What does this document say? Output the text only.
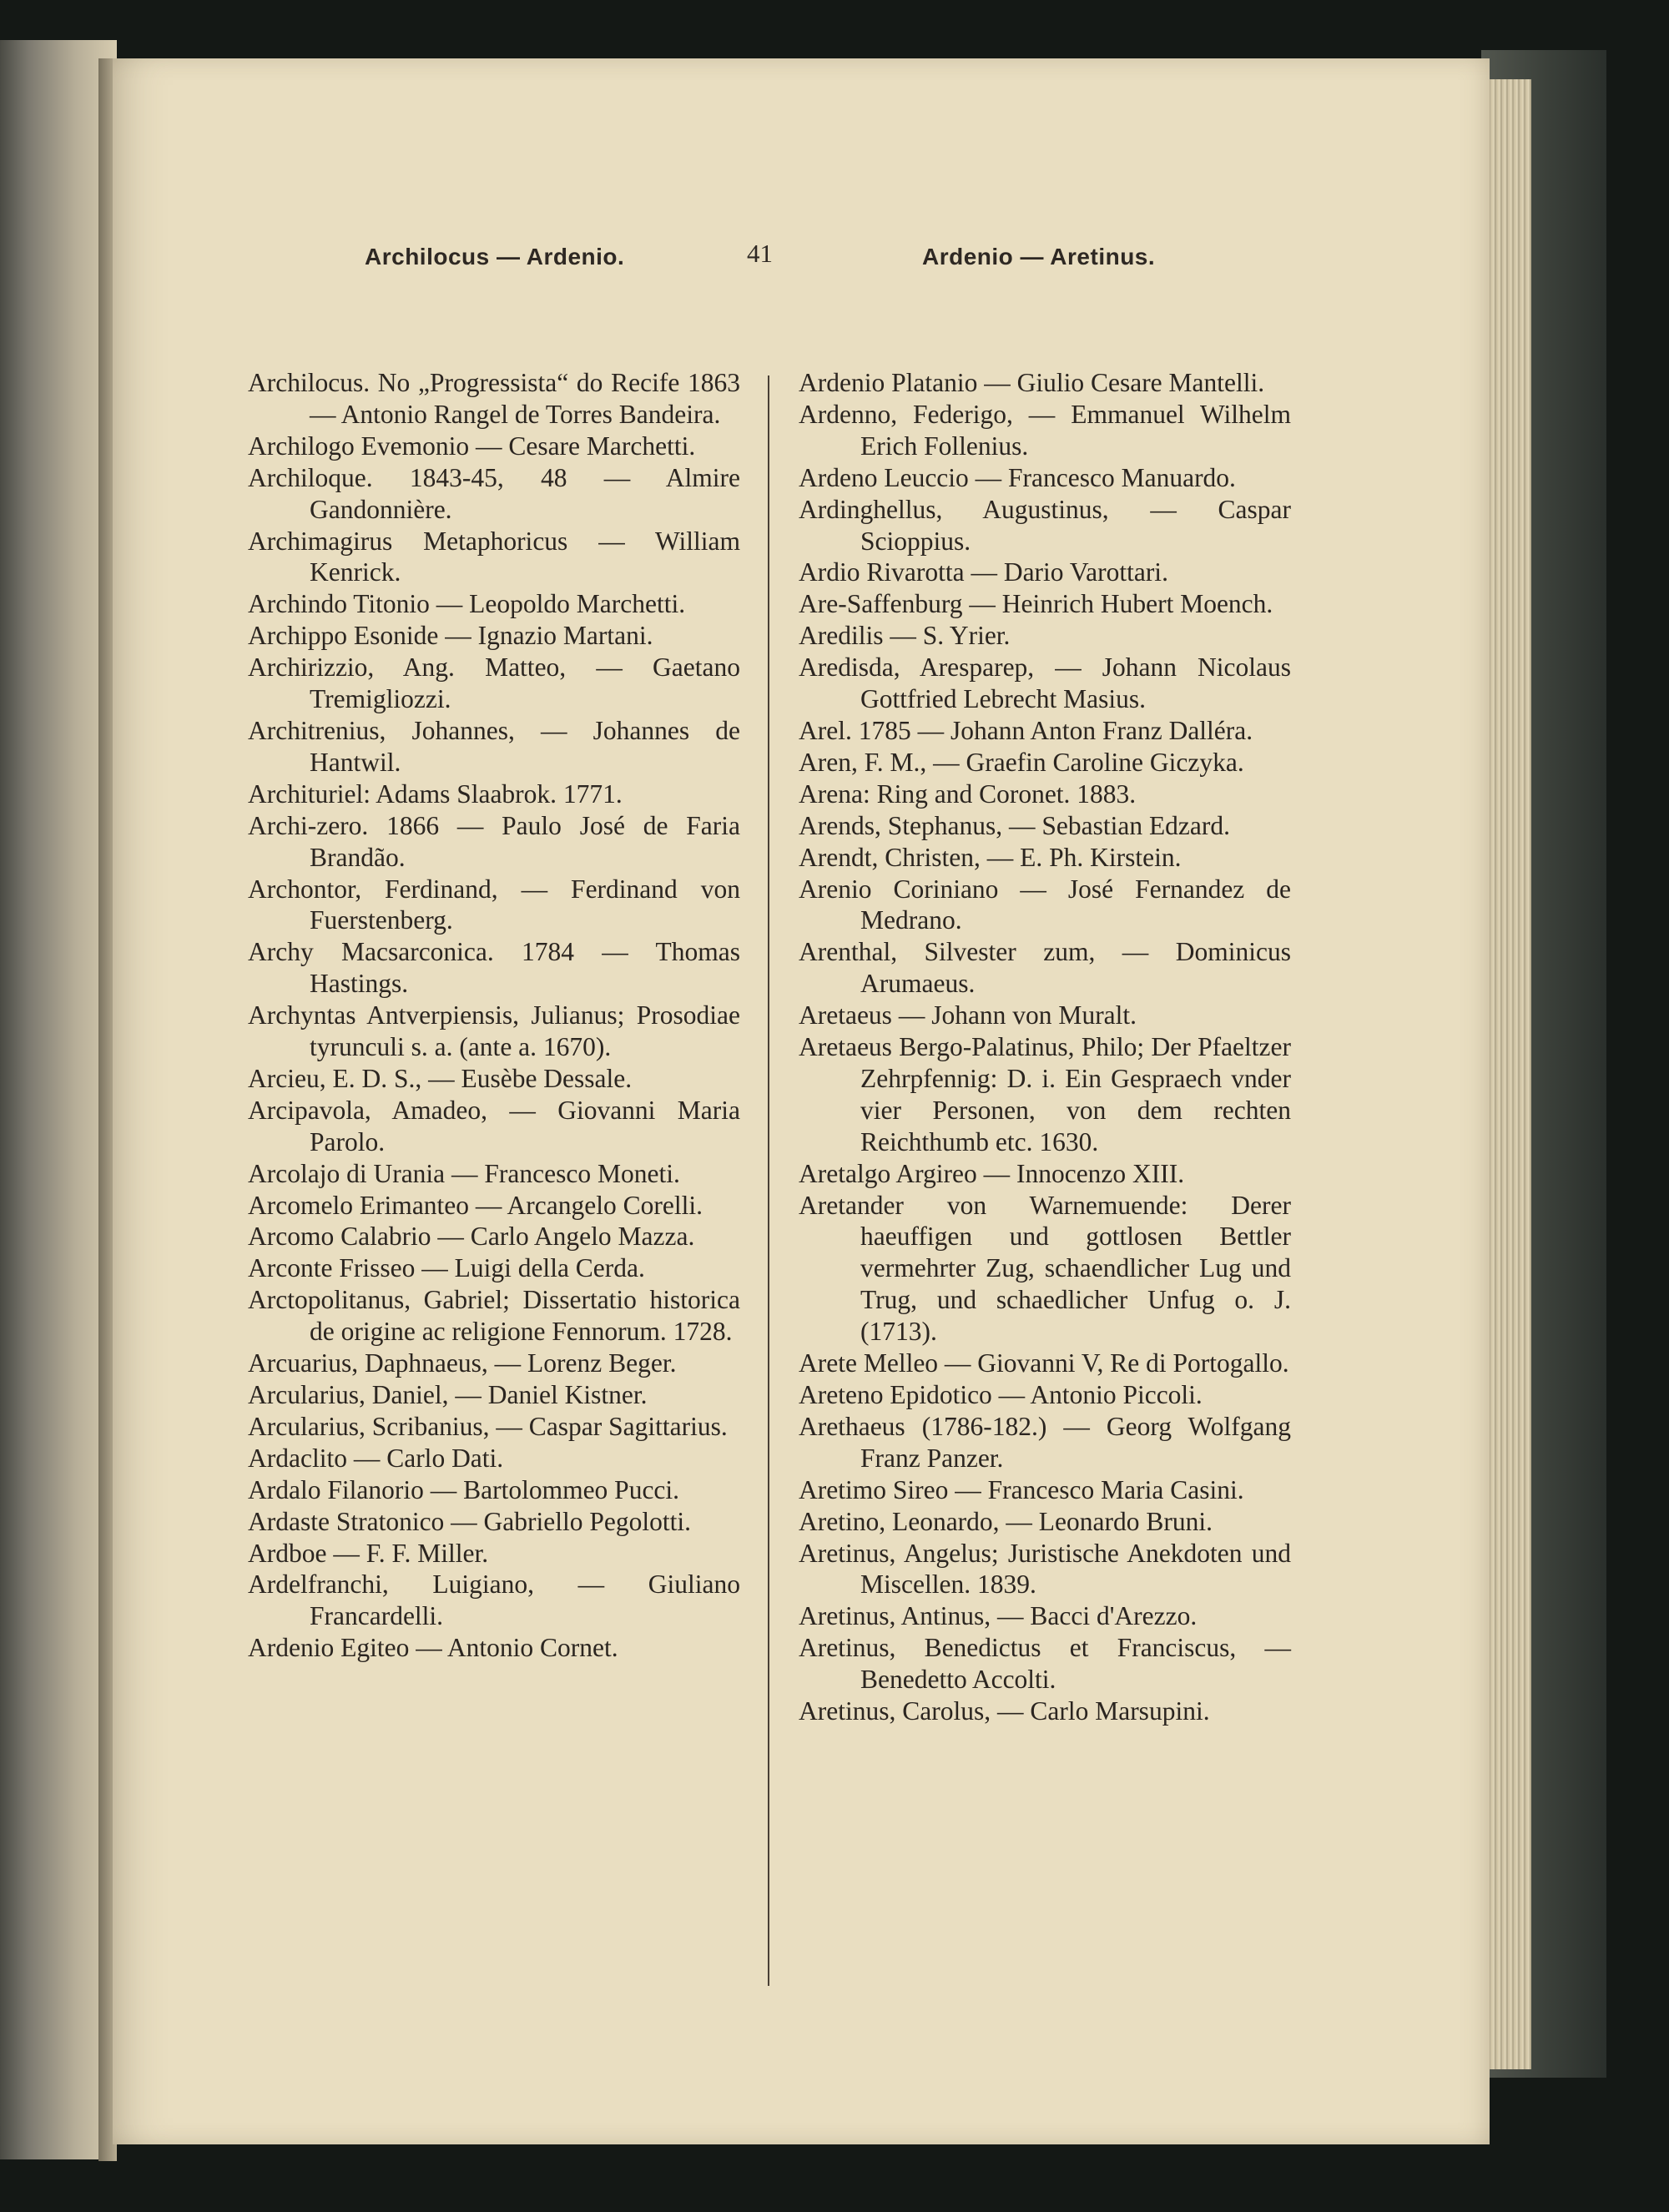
Archilocus — Ardenio.	41	Ardenio — Aretinus.

Archilocus. No „Progressista“ do Recife 1863 — Antonio Rangel de Torres Bandeira.

Archilogo Evemonio — Cesare Marchetti.

Archiloque. 1843-45, 48 — Almire Gandonnière.

Archimagirus Metaphoricus — William Kenrick.

Archindo Titonio — Leopoldo Marchetti.

Archippo Esonide — Ignazio Martani.

Archirizzio, Ang. Matteo, — Gaetano Tremigliozzi.

Architrenius, Johannes, — Johannes de Hantwil.

Archituriel: Adams Slaabrok. 1771.

Archi-zero. 1866 — Paulo José de Faria Brandão.

Archontor, Ferdinand, — Ferdinand von Fuerstenberg.

Archy Macsarconica. 1784 — Thomas Hastings.

Archyntas Antverpiensis, Julianus; Prosodiae tyrunculi s. a. (ante a. 1670).

Arcieu, E. D. S., — Eusèbe Dessale.

Arcipavola, Amadeo, — Giovanni Maria Parolo.

Arcolajo di Urania — Francesco Moneti.

Arcomelo Erimanteo — Arcangelo Corelli.

Arcomo Calabrio — Carlo Angelo Mazza.

Arconte Frisseo — Luigi della Cerda.

Arctopolitanus, Gabriel; Dissertatio historica de origine ac religione Fennorum. 1728.

Arcuarius, Daphnaeus, — Lorenz Beger.

Arcularius, Daniel, — Daniel Kistner.

Arcularius, Scribanius, — Caspar Sagittarius.

Ardaclito — Carlo Dati.

Ardalo Filanorio — Bartolommeo Pucci.

Ardaste Stratonico — Gabriello Pegolotti.

Ardboe — F. F. Miller.

Ardelfranchi, Luigiano, — Giuliano Francardelli.

Ardenio Egiteo — Antonio Cornet.

Ardenio Platanio — Giulio Cesare Mantelli.

Ardenno, Federigo, — Emmanuel Wilhelm Erich Follenius.

Ardeno Leuccio — Francesco Manuardo.

Ardinghellus, Augustinus, — Caspar Scioppius.

Ardio Rivarotta — Dario Varottari.

Are-Saffenburg — Heinrich Hubert Moench.

Aredilis — S. Yrier.

Aredisda, Aresparep, — Johann Nicolaus Gottfried Lebrecht Masius.

Arel. 1785 — Johann Anton Franz Dalléra.

Aren, F. M., — Graefin Caroline Giczyka.

Arena: Ring and Coronet. 1883.

Arends, Stephanus, — Sebastian Edzard.

Arendt, Christen, — E. Ph. Kirstein.

Arenio Coriniano — José Fernandez de Medrano.

Arenthal, Silvester zum, — Dominicus Arumaeus.

Aretaeus — Johann von Muralt.

Aretaeus Bergo-Palatinus, Philo; Der Pfaeltzer Zehrpfennig: D. i. Ein Gespraech vnder vier Personen, von dem rechten Reichthumb etc. 1630.

Aretalgo Argireo — Innocenzo XIII.

Aretander von Warnemuende: Derer haeuffigen und gottlosen Bettler vermehrter Zug, schaendlicher Lug und Trug, und schaedlicher Unfug o. J. (1713).

Arete Melleo — Giovanni V, Re di Portogallo.

Areteno Epidotico — Antonio Piccoli.

Arethaeus (1786-182.) — Georg Wolfgang Franz Panzer.

Aretimo Sireo — Francesco Maria Casini.

Aretino, Leonardo, — Leonardo Bruni.

Aretinus, Angelus; Juristische Anekdoten und Miscellen. 1839.

Aretinus, Antinus, — Bacci d'Arezzo.

Aretinus, Benedictus et Franciscus, — Benedetto Accolti.

Aretinus, Carolus, — Carlo Marsupini.
